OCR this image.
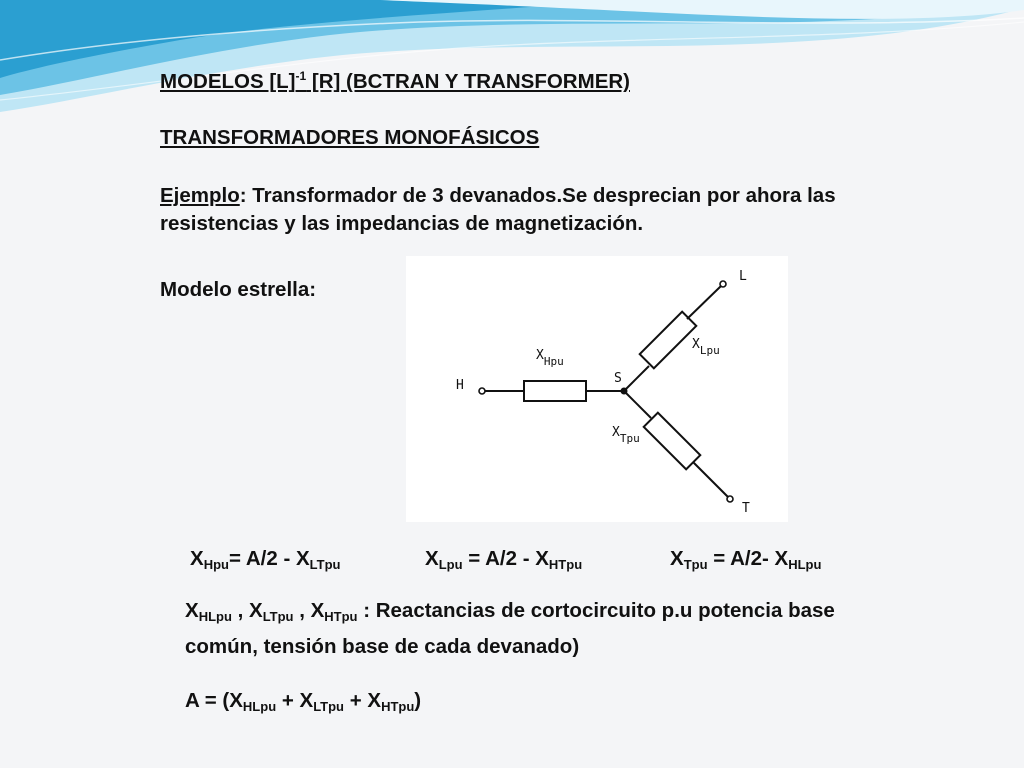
MODELOS $[L]^{-1}$ [R] (BCTRAN Y TRANSFORMER)
TRANSFORMADORES MONOFÁSICOS
Ejemplo: Transformador de 3 devanados.Se desprecian por ahora las resistencias y las impedancias de magnetización.
Modelo estrella:
H	S
L
T
$X_{Hpu}$
$X_{Lpu}$
$X_{Tpu}$
$X_{Hpu}= A/2 - X_{LTpu}$	$X_{Lpu} = A/2 - X_{HTpu}$	$X_{Tpu} = A/2-$ $X_{HLpu}$
$X_{HLpu}$ , $X_{LTpu}$ , $X_{HTpu}$ : Reactancias de cortocircuito p.u potencia base común, tensión base de cada devanado)
$A = (X_{HLpu} + X_{LTpu} + X_{HTpu})$
